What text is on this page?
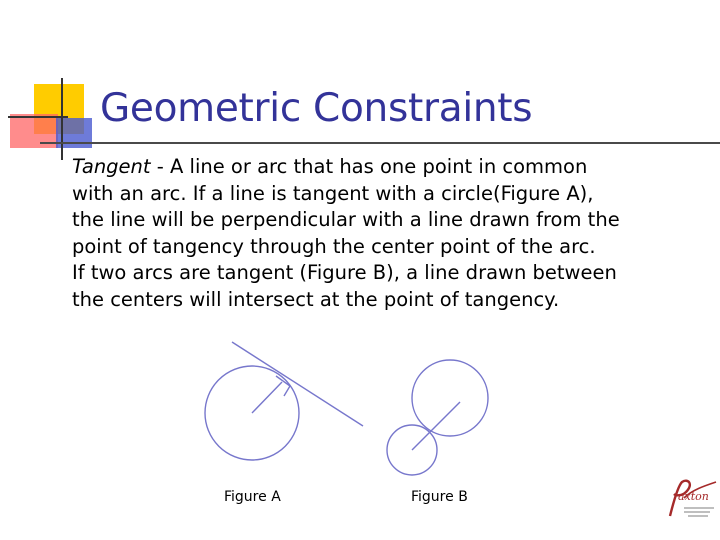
Geometric Constraints
Tangent - A line or arc that has one point in common
with an arc. If a line is tangent with a circle(Figure A),
the line will be perpendicular with a line drawn from the
point of tangency through the center point of the arc.
If two arcs are tangent (Figure B), a line drawn between
the centers will intersect at the point of tangency.
Figure A	Figure B	axton
